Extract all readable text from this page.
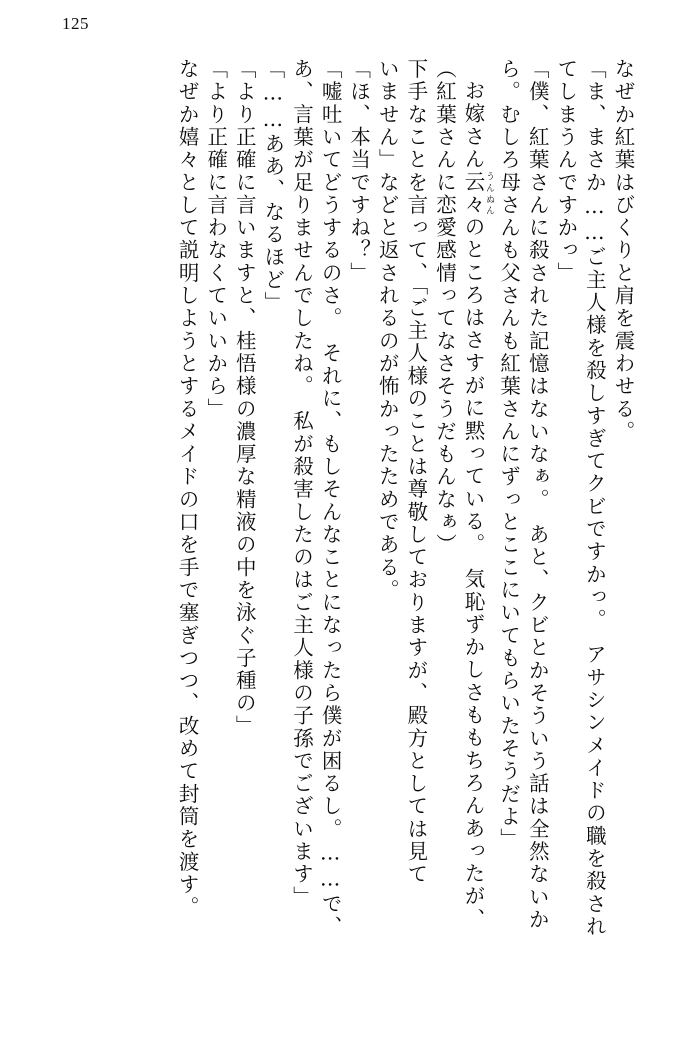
125
なぜか紅葉はびくりと肩を震わせる。
「ま、まさか……ご主人様を殺しすぎてクビですかっ。　アサシンメイドの職を殺され
てしまうんですかっ」
「僕、紅葉さんに殺された記憶はないなぁ。　あと、クビとかそういう話は全然ないか
ら。むしろ母さんも父さんも紅葉さんにずっとここにいてもらいたそうだよ」
お嫁さん云々 うんぬんのところはさすがに黙っている。　気恥ずかしさももちろんあったが、
（紅葉さんに恋愛感情ってなさそうだもんなぁ）
下手なことを言って、「ご主人様のことは尊敬しておりますが、殿方としては見て
いません」などと返されるのが怖かったためである。
「ほ、本当ですね？」
「嘘吐いてどうするのさ。　それに、もしそんなことになったら僕が困るし。……で、
あ、言葉が足りませんでしたね。　私が殺害したのはご主人様の子孫でございます」
「……ああ、なるほど」
「より正確に言いますと、桂悟様の濃厚な精液の中を泳ぐ子種の」
「より正確に言わなくていいから」
なぜか嬉々として説明しようとするメイドの口を手で塞ぎつつ、改めて封筒を渡す。
